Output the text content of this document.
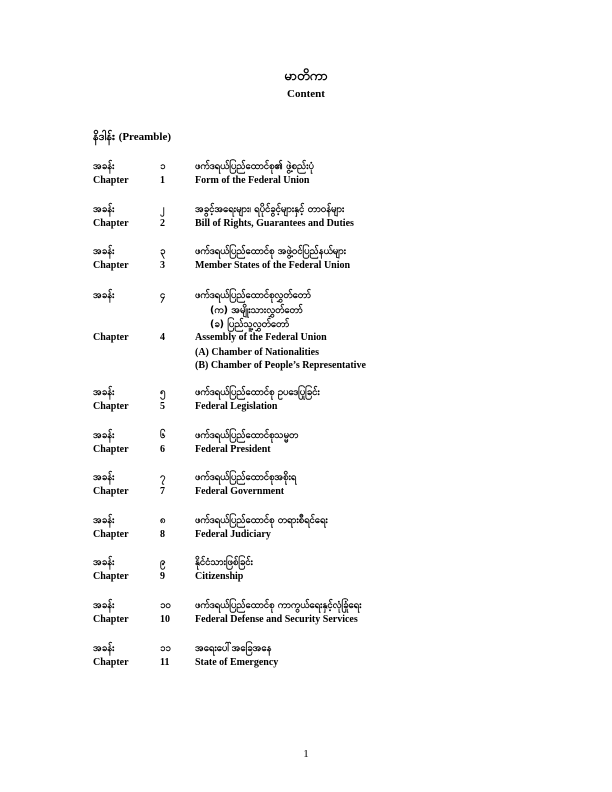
မာတိကာ
Content
နိဒါန်း (Preamble)
အခန်း	၁	ဖက်ဒရယ်ပြည်ထောင်စု၏ ဖွဲ့စည်းပုံ
Chapter	1	Form of the Federal Union
အခန်း	၂	အခွင့်အရေးများ၊ ရပိုင်ခွင့်များနှင့် တာဝန်များ
Chapter	2	Bill of Rights, Guarantees and Duties
အခန်း	၃	ဖက်ဒရယ်ပြည်ထောင်စု အဖွဲ့ဝင်ပြည်နယ်များ
Chapter	3	Member States of the Federal Union
အခန်း	၄	ဖက်ဒရယ်ပြည်ထောင်စုလွှတ်တော်
(က) အမျိုးသားလွှတ်တော်
(ခ) ပြည်သူ့လွှတ်တော်
Chapter	4	Assembly of the Federal Union
(A) Chamber of Nationalities
(B) Chamber of People’s Representative
အခန်း	၅	ဖက်ဒရယ်ပြည်ထောင်စု ဥပဒေပြုခြင်း
Chapter	5	Federal Legislation
အခန်း	၆	ဖက်ဒရယ်ပြည်ထောင်စုသမ္မတ
Chapter	6	Federal President
အခန်း	၇	ဖက်ဒရယ်ပြည်ထောင်စုအစိုးရ
Chapter	7	Federal Government
အခန်း	၈	ဖက်ဒရယ်ပြည်ထောင်စု တရားစီရင်ရေး
Chapter	8	Federal Judiciary
အခန်း	၉	နိုင်ငံသားဖြစ်ခြင်း
Chapter	9	Citizenship
အခန်း	၁၀	ဖက်ဒရယ်ပြည်ထောင်စု ကာကွယ်ရေးနှင့်လုံခြုံရေး
Chapter	10	Federal Defense and Security Services
အခန်း	၁၁	အရေးပေါ်အခြေအနေ
Chapter	11	State of Emergency
1
